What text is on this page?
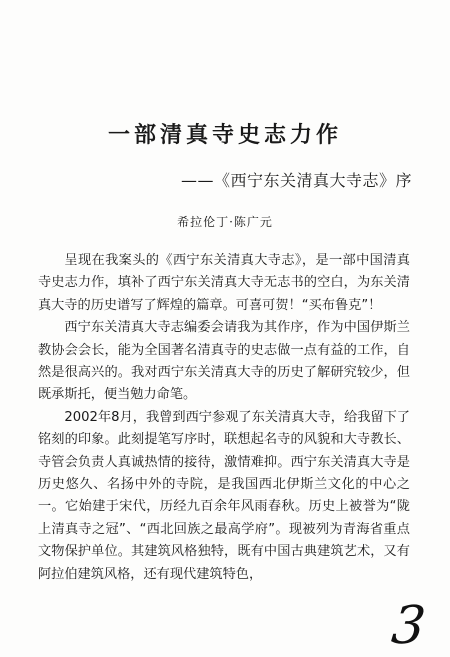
一部清真寺史志力作
——《西宁东关清真大寺志》序
希拉伦丁·陈广元

呈现在我案头的《西宁东关清真大寺志》，是一部中国清真寺史志力作，填补了西宁东关清真大寺无志书的空白，为东关清真大寺的历史谱写了辉煌的篇章。可喜可贺！“买布鲁克”！

西宁东关清真大寺志编委会请我为其作序，作为中国伊斯兰教协会会长，能为全国著名清真寺的史志做一点有益的工作，自然是很高兴的。我对西宁东关清真大寺的历史了解研究较少，但既承斯托，便当勉力命笔。

2002年8月，我曾到西宁参观了东关清真大寺，给我留下了铭刻的印象。此刻提笔写序时，联想起名寺的风貌和大寺教长、寺管会负责人真诚热情的接待，激情难抑。西宁东关清真大寺是历史悠久、名扬中外的寺院，是我国西北伊斯兰文化的中心之一。它始建于宋代，历经九百余年风雨春秋。历史上被誉为“陇上清真寺之冠”、“西北回族之最高学府”。现被列为青海省重点文物保护单位。其建筑风格独特，既有中国古典建筑艺术，又有阿拉伯建筑风格，还有现代建筑特色，

3
